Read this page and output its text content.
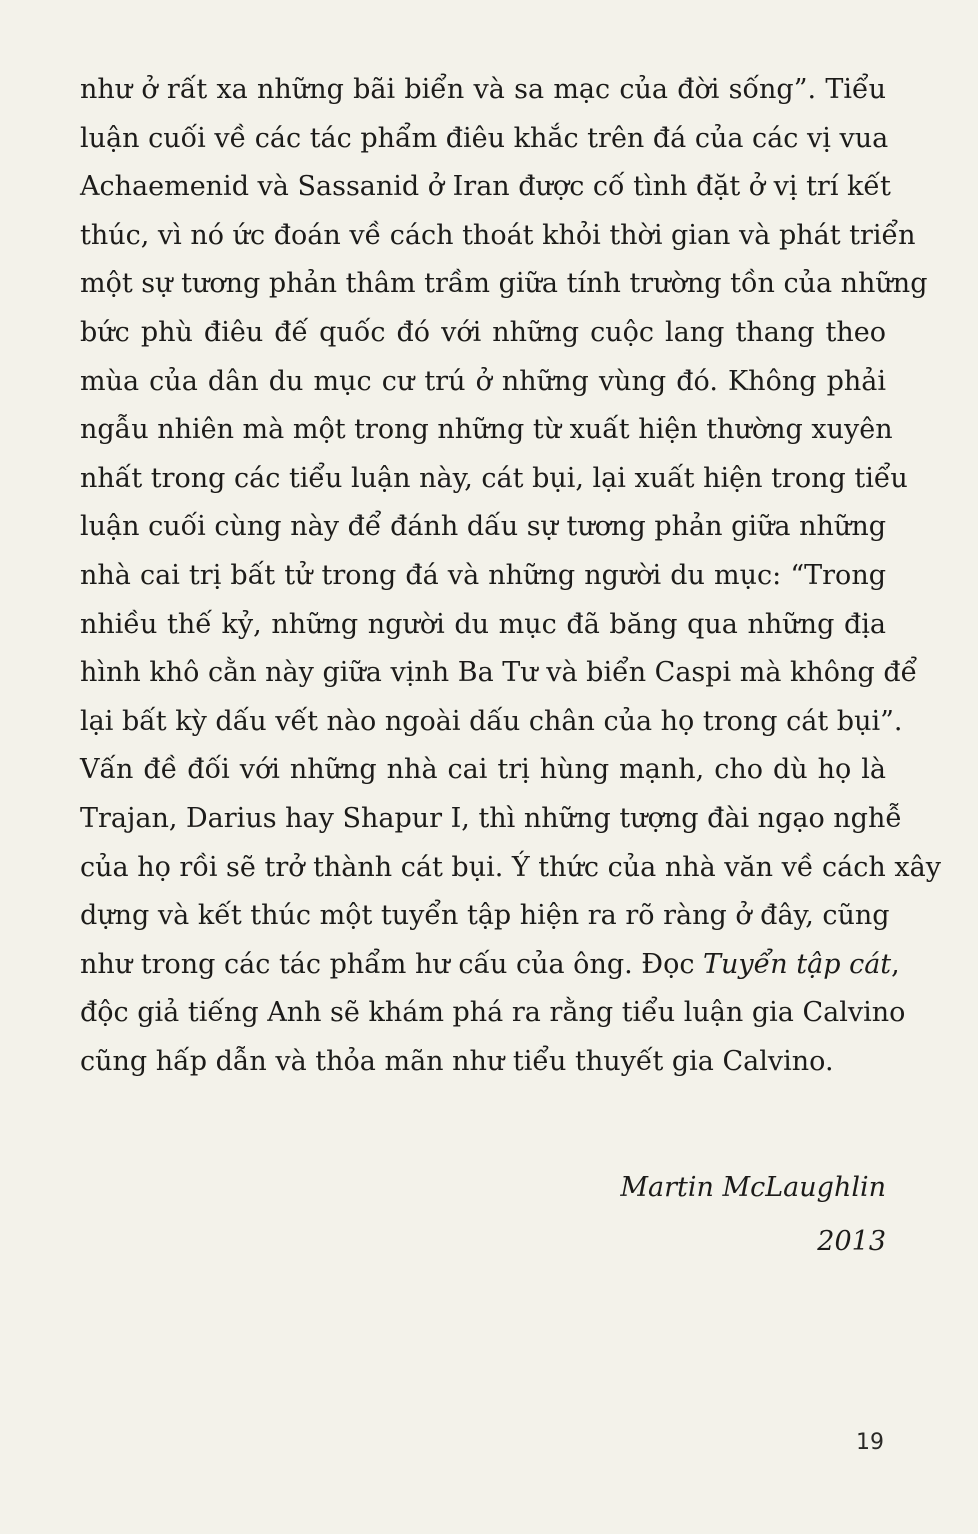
như ở rất xa những bãi biển và sa mạc của đời sống”. Tiểu
luận cuối về các tác phẩm điêu khắc trên đá của các vị vua
Achaemenid và Sassanid ở Iran được cố tình đặt ở vị trí kết
thúc, vì nó ức đoán về cách thoát khỏi thời gian và phát triển
một sự tương phản thâm trầm giữa tính trường tồn của những
bức phù điêu đế quốc đó với những cuộc lang thang theo
mùa của dân du mục cư trú ở những vùng đó. Không phải
ngẫu nhiên mà một trong những từ xuất hiện thường xuyên
nhất trong các tiểu luận này, cát bụi, lại xuất hiện trong tiểu
luận cuối cùng này để đánh dấu sự tương phản giữa những
nhà cai trị bất tử trong đá và những người du mục: “Trong
nhiều thế kỷ, những người du mục đã băng qua những địa
hình khô cằn này giữa vịnh Ba Tư và biển Caspi mà không để
lại bất kỳ dấu vết nào ngoài dấu chân của họ trong cát bụi”.
Vấn đề đối với những nhà cai trị hùng mạnh, cho dù họ là
Trajan, Darius hay Shapur I, thì những tượng đài ngạo nghễ
của họ rồi sẽ trở thành cát bụi. Ý thức của nhà văn về cách xây
dựng và kết thúc một tuyển tập hiện ra rõ ràng ở đây, cũng
như trong các tác phẩm hư cấu của ông. Đọc Tuyển tập cát,
độc giả tiếng Anh sẽ khám phá ra rằng tiểu luận gia Calvino
cũng hấp dẫn và thỏa mãn như tiểu thuyết gia Calvino.
Martin McLaughlin
2013
19
